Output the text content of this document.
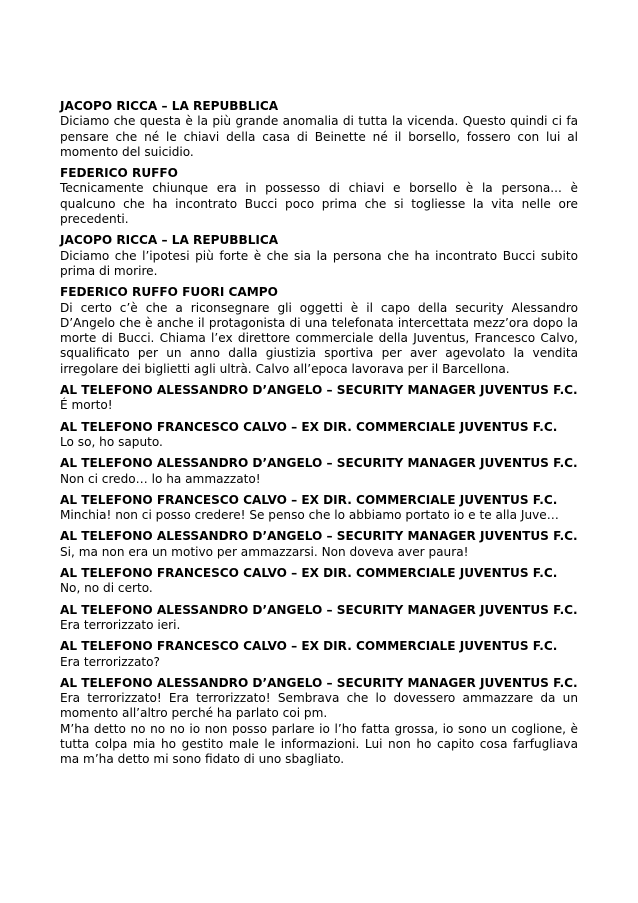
JACOPO RICCA – LA REPUBBLICA
Diciamo che questa è la più grande anomalia di tutta la vicenda. Questo quindi ci fa pensare che né le chiavi della casa di Beinette né il borsello, fossero con lui al momento del suicidio.
FEDERICO RUFFO
Tecnicamente chiunque era in possesso di chiavi e borsello è la persona... è qualcuno che ha incontrato Bucci poco prima che si togliesse la vita nelle ore precedenti.
JACOPO RICCA – LA REPUBBLICA
Diciamo che l’ipotesi più forte è che sia la persona che ha incontrato Bucci subito prima di morire.
FEDERICO RUFFO FUORI CAMPO
Di certo c’è che a riconsegnare gli oggetti è il capo della security Alessandro D’Angelo che è anche il protagonista di una telefonata intercettata mezz’ora dopo la morte di Bucci. Chiama l’ex direttore commerciale della Juventus, Francesco Calvo, squalificato per un anno dalla giustizia sportiva per aver agevolato la vendita irregolare dei biglietti agli ultrà. Calvo all’epoca lavorava per il Barcellona.
AL TELEFONO ALESSANDRO D’ANGELO – SECURITY MANAGER JUVENTUS F.C.
É morto!
AL TELEFONO FRANCESCO CALVO – EX DIR. COMMERCIALE JUVENTUS F.C.
Lo so, ho saputo.
AL TELEFONO ALESSANDRO D’ANGELO – SECURITY MANAGER JUVENTUS F.C.
Non ci credo… lo ha ammazzato!
AL TELEFONO FRANCESCO CALVO – EX DIR. COMMERCIALE JUVENTUS F.C.
Minchia! non ci posso credere! Se penso che lo abbiamo portato io e te alla Juve…
AL TELEFONO ALESSANDRO D’ANGELO – SECURITY MANAGER JUVENTUS F.C.
Si, ma non era un motivo per ammazzarsi. Non doveva aver paura!
AL TELEFONO FRANCESCO CALVO – EX DIR. COMMERCIALE JUVENTUS F.C.
No, no di certo.
AL TELEFONO ALESSANDRO D’ANGELO – SECURITY MANAGER JUVENTUS F.C.
Era terrorizzato ieri.
AL TELEFONO FRANCESCO CALVO – EX DIR. COMMERCIALE JUVENTUS F.C.
Era terrorizzato?
AL TELEFONO ALESSANDRO D’ANGELO – SECURITY MANAGER JUVENTUS F.C.
Era terrorizzato! Era terrorizzato! Sembrava che lo dovessero ammazzare da un momento all’altro perché ha parlato coi pm.
M’ha detto no no no io non posso parlare io l’ho fatta grossa, io sono un coglione, è tutta colpa mia ho gestito male le informazioni. Lui non ho capito cosa farfugliava ma m’ha detto mi sono fidato di uno sbagliato.
